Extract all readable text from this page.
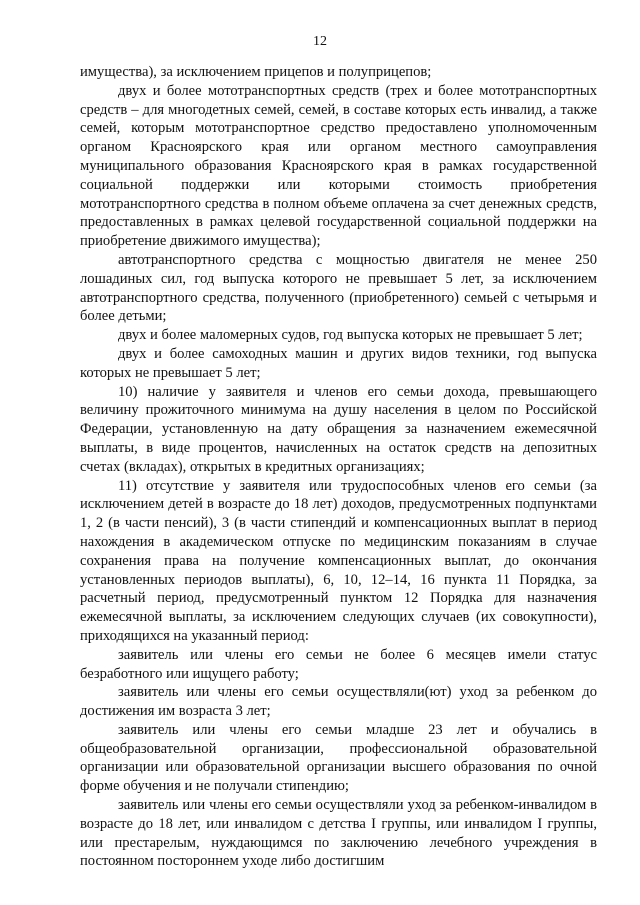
12

имущества), за исключением прицепов и полуприцепов;

двух и более мототранспортных средств (трех и более мототранспортных средств – для многодетных семей, семей, в составе которых есть инвалид, а также семей, которым мототранспортное средство предоставлено уполномоченным органом Красноярского края или органом местного самоуправления муниципального образования Красноярского края в рамках государственной социальной поддержки или которыми стоимость приобретения мототранспортного средства в полном объеме оплачена за счет денежных средств, предоставленных в рамках целевой государственной социальной поддержки на приобретение движимого имущества);

автотранспортного средства с мощностью двигателя не менее 250 лошадиных сил, год выпуска которого не превышает 5 лет, за исключением автотранспортного средства, полученного (приобретенного) семьей с четырьмя и более детьми;

двух и более маломерных судов, год выпуска которых не превышает 5 лет;

двух и более самоходных машин и других видов техники, год выпуска которых не превышает 5 лет;

10) наличие у заявителя и членов его семьи дохода, превышающего величину прожиточного минимума на душу населения в целом по Российской Федерации, установленную на дату обращения за назначением ежемесячной выплаты, в виде процентов, начисленных на остаток средств на депозитных счетах (вкладах), открытых в кредитных организациях;

11) отсутствие у заявителя или трудоспособных членов его семьи (за исключением детей в возрасте до 18 лет) доходов, предусмотренных подпунктами 1, 2 (в части пенсий), 3 (в части стипендий и компенсационных выплат в период нахождения в академическом отпуске по медицинским показаниям в случае сохранения права на получение компенсационных выплат, до окончания установленных периодов выплаты), 6, 10, 12–14, 16 пункта 11 Порядка, за расчетный период, предусмотренный пунктом 12 Порядка для назначения ежемесячной выплаты, за исключением следующих случаев (их совокупности), приходящихся на указанный период:

заявитель или члены его семьи не более 6 месяцев имели статус безработного или ищущего работу;

заявитель или члены его семьи осуществляли(ют) уход за ребенком до достижения им возраста 3 лет;

заявитель или члены его семьи младше 23 лет и обучались в общеобразовательной организации, профессиональной образовательной организации или образовательной организации высшего образования по очной форме обучения и не получали стипендию;

заявитель или члены его семьи осуществляли уход за ребенком-инвалидом в возрасте до 18 лет, или инвалидом с детства I группы, или инвалидом I группы, или престарелым, нуждающимся по заключению лечебного учреждения в постоянном постороннем уходе либо достигшим
